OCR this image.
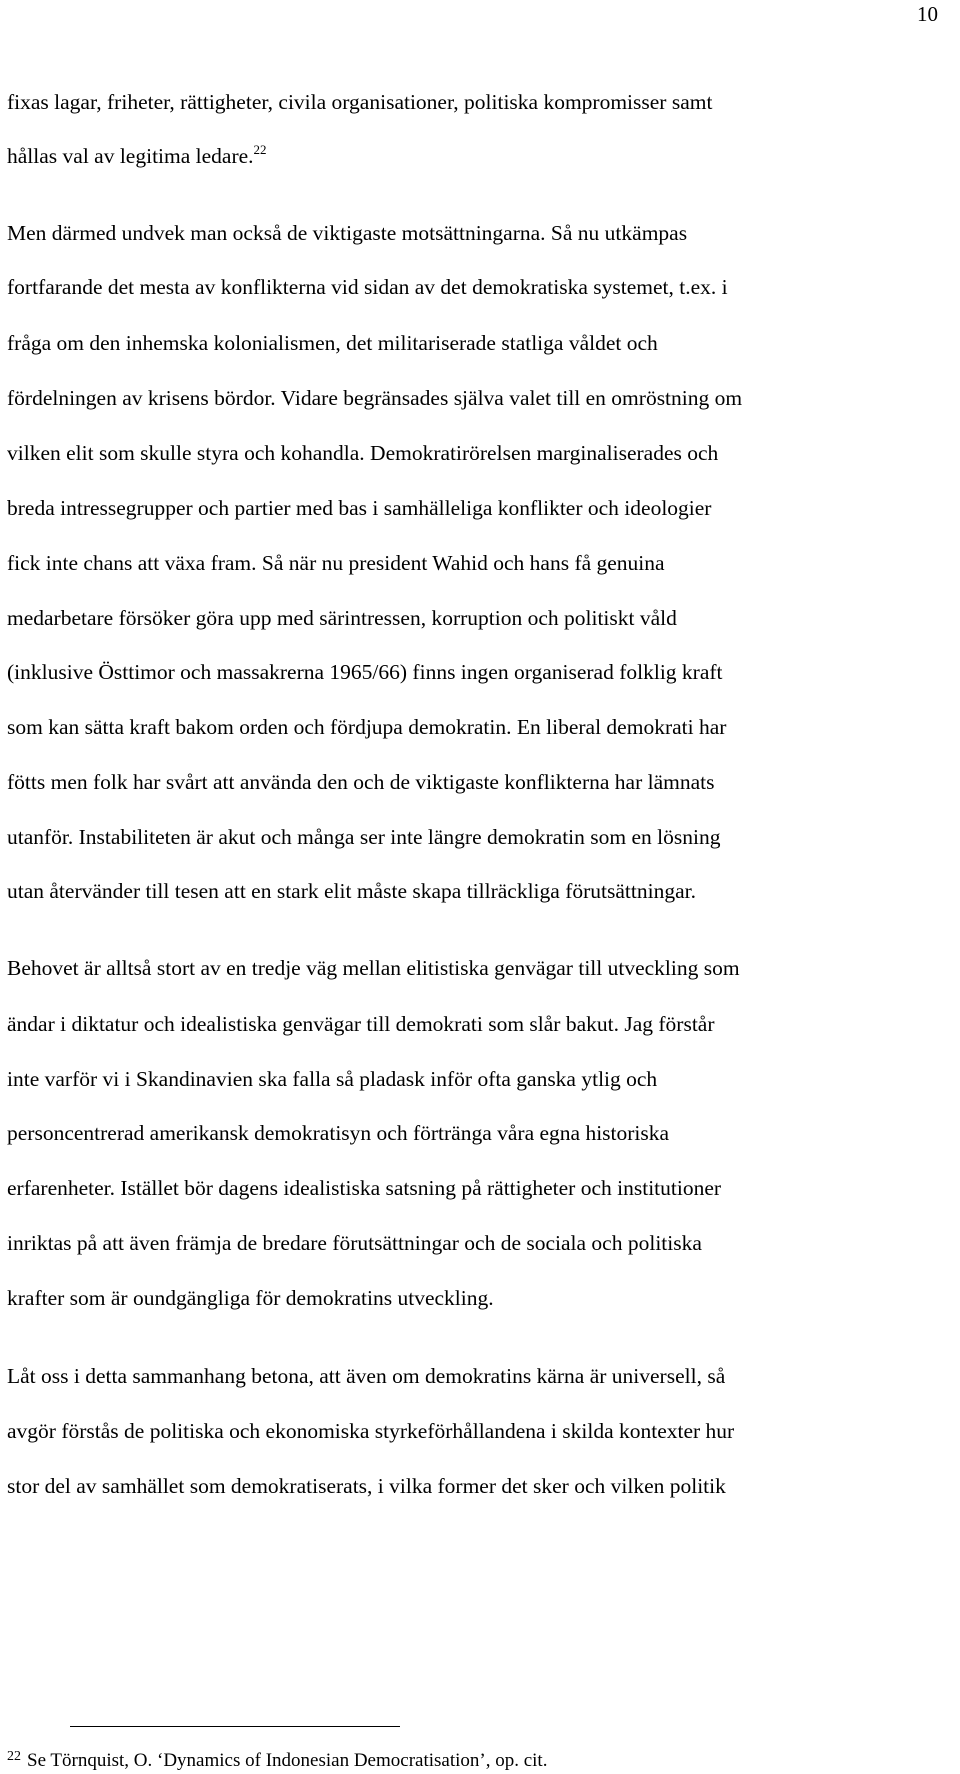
10
fixas lagar, friheter, rättigheter, civila organisationer, politiska kompromisser samt
hållas val av legitima ledare.$^{22}$
Men därmed undvek man också de viktigaste motsättningarna. Så nu utkämpas
fortfarande det mesta av konflikterna vid sidan av det demokratiska systemet, t.ex. i
fråga om den inhemska kolonialismen, det militariserade statliga våldet och
fördelningen av krisens bördor. Vidare begränsades själva valet till en omröstning om
vilken elit som skulle styra och kohandla. Demokratirörelsen marginaliserades och
breda intressegrupper och partier med bas i samhälleliga konflikter och ideologier
fick inte chans att växa fram. Så när nu president Wahid och hans få genuina
medarbetare försöker göra upp med särintressen, korruption och politiskt våld
(inklusive Östtimor och massakrerna 1965/66) finns ingen organiserad folklig kraft
som kan sätta kraft bakom orden och fördjupa demokratin. En liberal demokrati har
fötts men folk har svårt att använda den och de viktigaste konflikterna har lämnats
utanför. Instabiliteten är akut och många ser inte längre demokratin som en lösning
utan återvänder till tesen att en stark elit måste skapa tillräckliga förutsättningar.
Behovet är alltså stort av en tredje väg mellan elitistiska genvägar till utveckling som
ändar i diktatur och idealistiska genvägar till demokrati som slår bakut. Jag förstår
inte varför vi i Skandinavien ska falla så pladask inför ofta ganska ytlig och
personcentrerad amerikansk demokratisyn och förtränga våra egna historiska
erfarenheter. Istället bör dagens idealistiska satsning på rättigheter och institutioner
inriktas på att även främja de bredare förutsättningar och de sociala och politiska
krafter som är oundgängliga för demokratins utveckling.
Låt oss i detta sammanhang betona, att även om demokratins kärna är universell, så
avgör förstås de politiska och ekonomiska styrkeförhållandena i skilda kontexter hur
stor del av samhället som demokratiserats, i vilka former det sker och vilken politik
$^{22}$ Se Törnquist, O. ‘Dynamics of Indonesian Democratisation’, op. cit.
